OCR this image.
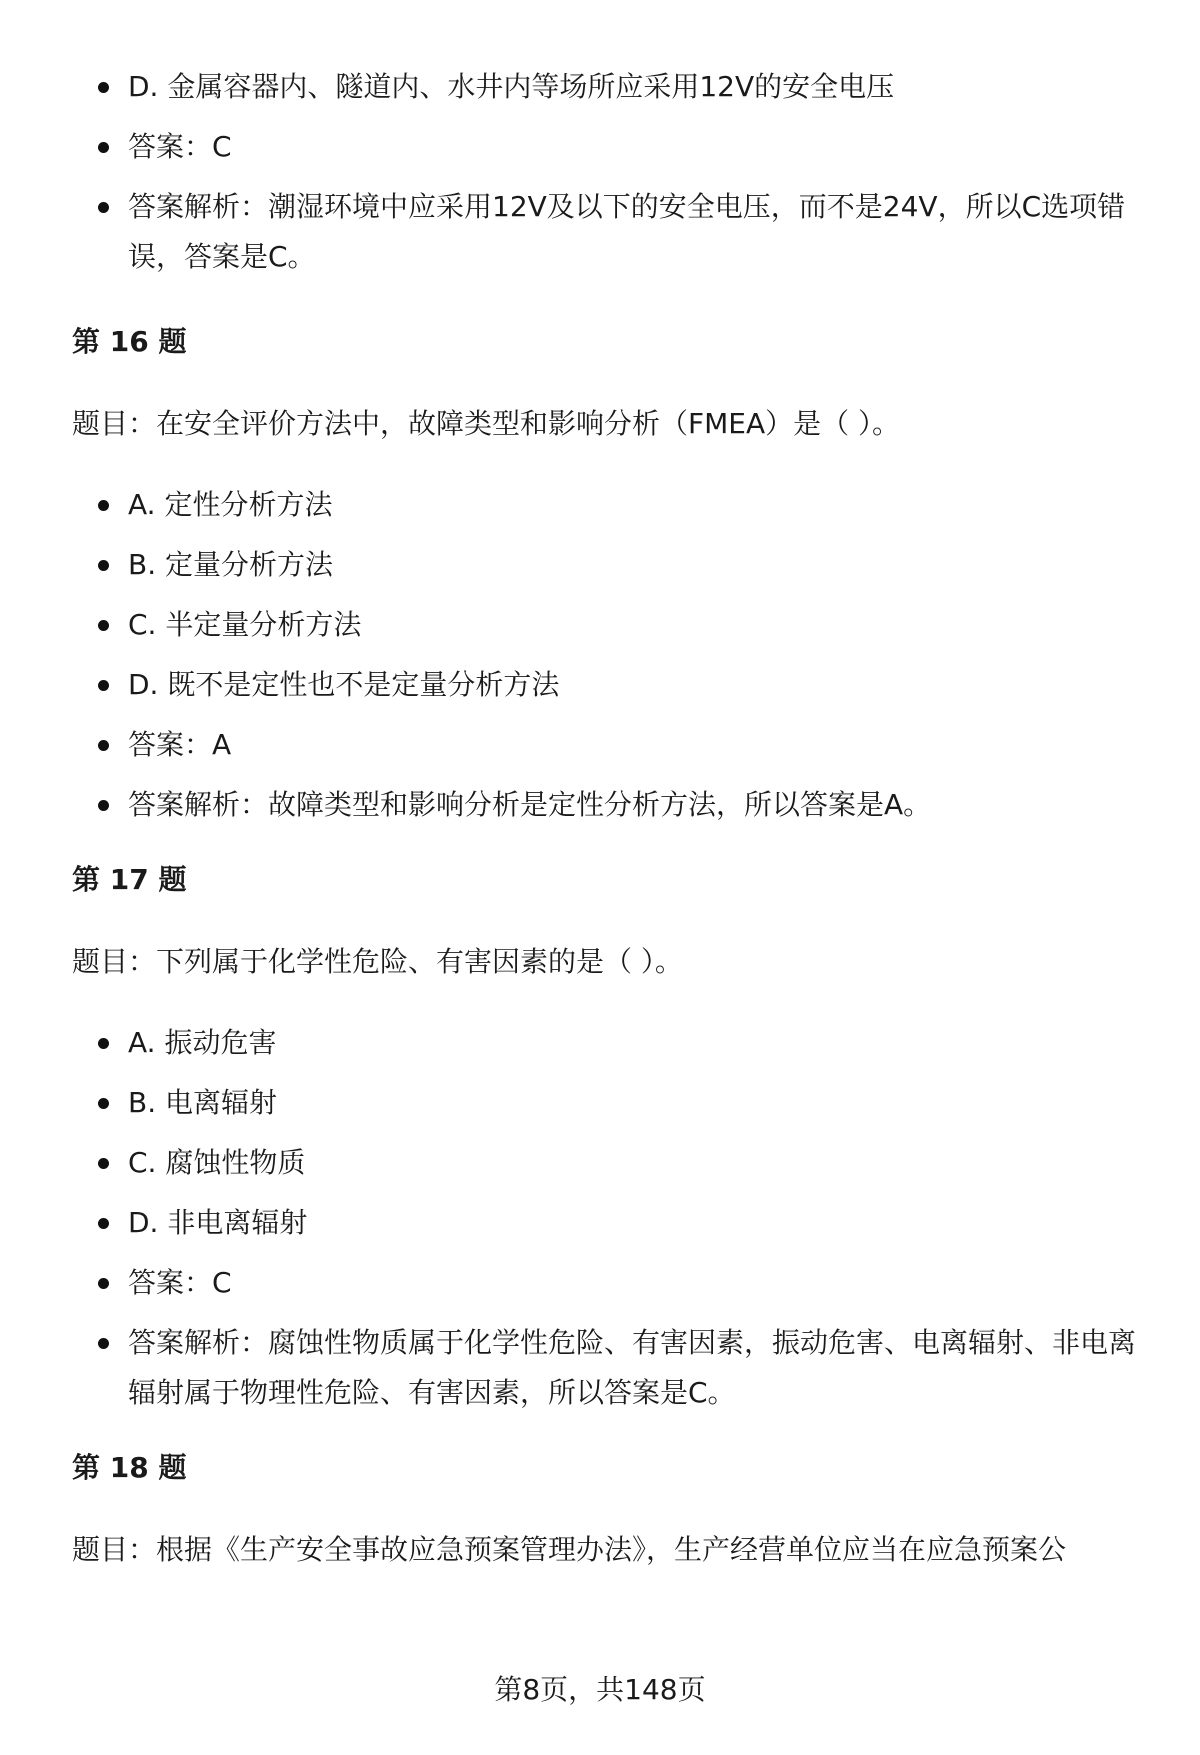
D. 金属容器内、隧道内、水井内等场所应采用12V的安全电压
答案：C
答案解析：潮湿环境中应采用12V及以下的安全电压，而不是24V，所以C选项错误，答案是C。

第 16 题

题目：在安全评价方法中，故障类型和影响分析（FMEA）是（ ）。

A. 定性分析方法
B. 定量分析方法
C. 半定量分析方法
D. 既不是定性也不是定量分析方法
答案：A
答案解析：故障类型和影响分析是定性分析方法，所以答案是A。

第 17 题

题目：下列属于化学性危险、有害因素的是（ ）。

A. 振动危害
B. 电离辐射
C. 腐蚀性物质
D. 非电离辐射
答案：C
答案解析：腐蚀性物质属于化学性危险、有害因素，振动危害、电离辐射、非电离辐射属于物理性危险、有害因素，所以答案是C。

第 18 题

题目：根据《生产安全事故应急预案管理办法》，生产经营单位应当在应急预案公

第8页，共148页
